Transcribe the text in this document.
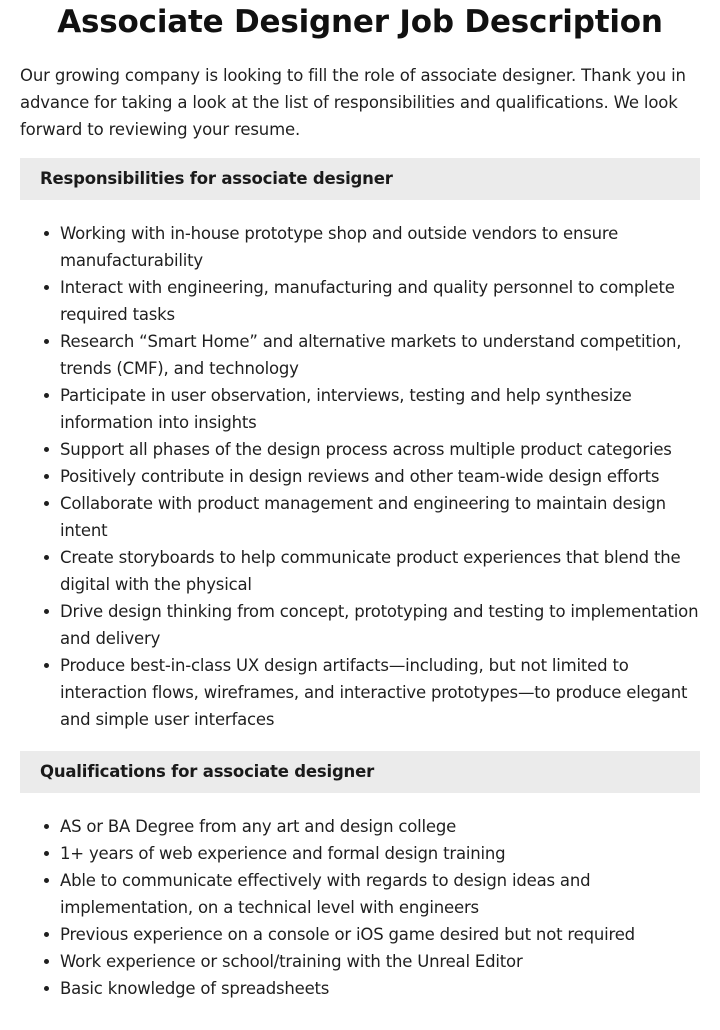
Associate Designer Job Description

Our growing company is looking to fill the role of associate designer. Thank you in advance for taking a look at the list of responsibilities and qualifications. We look forward to reviewing your resume.

Responsibilities for associate designer
Working with in-house prototype shop and outside vendors to ensure manufacturability
Interact with engineering, manufacturing and quality personnel to complete required tasks
Research “Smart Home” and alternative markets to understand competition, trends (CMF), and technology
Participate in user observation, interviews, testing and help synthesize information into insights
Support all phases of the design process across multiple product categories
Positively contribute in design reviews and other team-wide design efforts
Collaborate with product management and engineering to maintain design intent
Create storyboards to help communicate product experiences that blend the digital with the physical
Drive design thinking from concept, prototyping and testing to implementation and delivery
Produce best-in-class UX design artifacts—including, but not limited to interaction flows, wireframes, and interactive prototypes—to produce elegant and simple user interfaces
Qualifications for associate designer
AS or BA Degree from any art and design college
1+ years of web experience and formal design training
Able to communicate effectively with regards to design ideas and implementation, on a technical level with engineers
Previous experience on a console or iOS game desired but not required
Work experience or school/training with the Unreal Editor
Basic knowledge of spreadsheets
